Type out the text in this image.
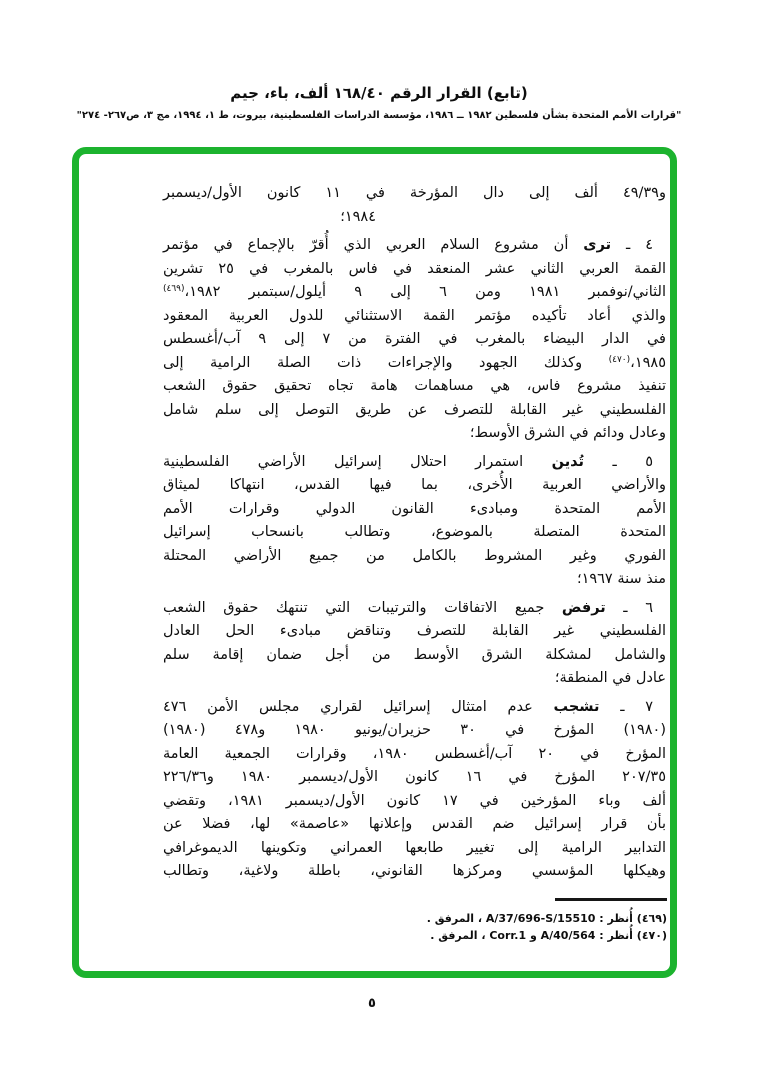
(تابع) القرار الرقم ١٦٨/٤٠ ألف، باء، جيم
"قرارات الأمم المتحدة بشأن فلسطين ١٩٨٢ ــ ١٩٨٦، مؤسسة الدراسات الفلسطينية، بيروت، ط ١، ١٩٩٤، مج ٣، ص٢٦٧- ٢٧٤"
و٤٩/٣٩ ألف إلى دال المؤرخة في ١١ كانون الأول/ديسمبر
١٩٨٤؛
٤ ـ ترى أن مشروع السلام العربي الذي أُقرّ بالإجماع في مؤتمر
القمة العربي الثاني عشر المنعقد في فاس بالمغرب في ٢٥ تشرين
الثاني/نوفمبر ١٩٨١ ومن ٦ إلى ٩ أيلول/سبتمبر ١٩٨٢،$^{(٤٦٩)}$
والذي أعاد تأكيده مؤتمر القمة الاستثنائي للدول العربية المعقود
في الدار البيضاء بالمغرب في الفترة من ٧ إلى ٩ آب/أغسطس
١٩٨٥،$^{(٤٧٠)}$ وكذلك الجهود والإجراءات ذات الصلة الرامية إلى
تنفيذ مشروع فاس، هي مساهمات هامة تجاه تحقيق حقوق الشعب
الفلسطيني غير القابلة للتصرف عن طريق التوصل إلى سلم شامل
وعادل ودائم في الشرق الأوسط؛
٥ ـ تُدين استمرار احتلال إسرائيل الأراضي الفلسطينية
والأراضي العربية الأُخرى، بما فيها القدس، انتهاكا لميثاق
الأمم المتحدة ومبادىء القانون الدولي وقرارات الأمم
المتحدة المتصلة بالموضوع، وتطالب بانسحاب إسرائيل
الفوري وغير المشروط بالكامل من جميع الأراضي المحتلة
منذ سنة ١٩٦٧؛
٦ ـ ترفض جميع الاتفاقات والترتيبات التي تنتهك حقوق الشعب
الفلسطيني غير القابلة للتصرف وتناقض مبادىء الحل العادل
والشامل لمشكلة الشرق الأوسط من أجل ضمان إقامة سلم
عادل في المنطقة؛
٧ ـ تشجب عدم امتثال إسرائيل لقراري مجلس الأمن ٤٧٦
(١٩٨٠) المؤرخ في ٣٠ حزيران/يونيو ١٩٨٠ و٤٧٨ (١٩٨٠)
المؤرخ في ٢٠ آب/أغسطس ١٩٨٠، وقرارات الجمعية العامة
٢٠٧/٣٥ المؤرخ في ١٦ كانون الأول/ديسمبر ١٩٨٠ و٢٢٦/٣٦
ألف وباء المؤرخين في ١٧ كانون الأول/ديسمبر ١٩٨١، وتقضي
بأن قرار إسرائيل ضم القدس وإعلانها «عاصمة» لها، فضلا عن
التدابير الرامية إلى تغيير طابعها العمراني وتكوينها الديموغرافي
وهيكلها المؤسسي ومركزها القانوني، باطلة ولاغية، وتطالب
(٤٦٩) أُنظر : A/37/696-S/15510 ، المرفق .
(٤٧٠) أُنظر : A/40/564 و Corr.1 ، المرفق .
٥
